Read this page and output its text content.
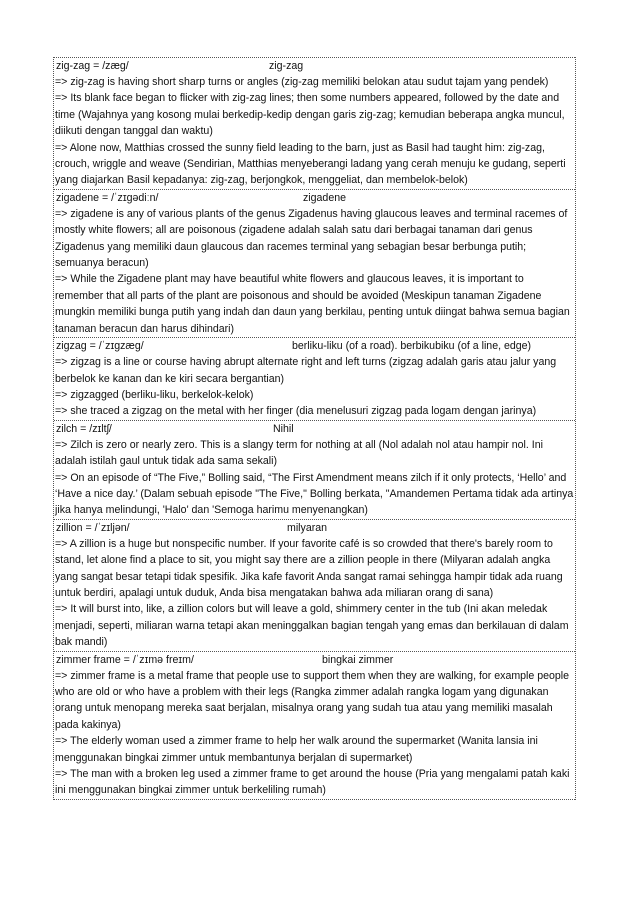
zig-zag = /zæg/	zig-zag

=> zig-zag is having short sharp turns or angles (zig-zag memiliki belokan atau sudut tajam yang pendek)

=> Its blank face began to flicker with zig-zag lines; then some numbers appeared, followed by the date and time (Wajahnya yang kosong mulai berkedip-kedip dengan garis zig-zag; kemudian beberapa angka muncul, diikuti dengan tanggal dan waktu)

=> Alone now, Matthias crossed the sunny field leading to the barn, just as Basil had taught him: zig-zag, crouch, wriggle and weave (Sendirian, Matthias menyeberangi ladang yang cerah menuju ke gudang, seperti yang diajarkan Basil kepadanya: zig-zag, berjongkok, menggeliat, dan membelok-belok)

zigadene = /ˈzɪɡədiːn/	zigadene

=> zigadene is any of various plants of the genus Zigadenus having glaucous leaves and terminal racemes of mostly white flowers; all are poisonous (zigadene adalah salah satu dari berbagai tanaman dari genus Zigadenus yang memiliki daun glaucous dan racemes terminal yang sebagian besar berbunga putih; semuanya beracun)

=> While the Zigadene plant may have beautiful white flowers and glaucous leaves, it is important to remember that all parts of the plant are poisonous and should be avoided (Meskipun tanaman Zigadene mungkin memiliki bunga putih yang indah dan daun yang berkilau, penting untuk diingat bahwa semua bagian tanaman beracun dan harus dihindari)

zigzag = /ˈzɪɡzæɡ/	berliku-liku (of a road). berbikubiku (of a line, edge)

=> zigzag is a line or course having abrupt alternate right and left turns (zigzag adalah garis atau jalur yang berbelok ke kanan dan ke kiri secara bergantian)

=> zigzagged (berliku-liku, berkelok-kelok)

=> she traced a zigzag on the metal with her finger (dia menelusuri zigzag pada logam dengan jarinya)

zilch = /zɪltʃ/	Nihil

=> Zilch is zero or nearly zero. This is a slangy term for nothing at all (Nol adalah nol atau hampir nol. Ini adalah istilah gaul untuk tidak ada sama sekali)

=> On an episode of “The Five,” Bolling said, “The First Amendment means zilch if it only protects, ‘Hello’ and ‘Have a nice day.’ (Dalam sebuah episode "The Five," Bolling berkata, "Amandemen Pertama tidak ada artinya jika hanya melindungi, 'Halo' dan 'Semoga harimu menyenangkan)

zillion = /ˈzɪljən/	milyaran

=> A zillion is a huge but nonspecific number. If your favorite café is so crowded that there's barely room to stand, let alone find a place to sit, you might say there are a zillion people in there (Milyaran adalah angka yang sangat besar tetapi tidak spesifik. Jika kafe favorit Anda sangat ramai sehingga hampir tidak ada ruang untuk berdiri, apalagi untuk duduk, Anda bisa mengatakan bahwa ada miliaran orang di sana)

=> It will burst into, like, a zillion colors but will leave a gold, shimmery center in the tub (Ini akan meledak menjadi, seperti, miliaran warna tetapi akan meninggalkan bagian tengah yang emas dan berkilauan di dalam bak mandi)

zimmer frame = /ˈzɪmə freɪm/	bingkai zimmer

=> zimmer frame is a metal frame that people use to support them when they are walking, for example people who are old or who have a problem with their legs (Rangka zimmer adalah rangka logam yang digunakan orang untuk menopang mereka saat berjalan, misalnya orang yang sudah tua atau yang memiliki masalah pada kakinya)

=> The elderly woman used a zimmer frame to help her walk around the supermarket (Wanita lansia ini menggunakan bingkai zimmer untuk membantunya berjalan di supermarket)

=> The man with a broken leg used a zimmer frame to get around the house (Pria yang mengalami patah kaki ini menggunakan bingkai zimmer untuk berkeliling rumah)
